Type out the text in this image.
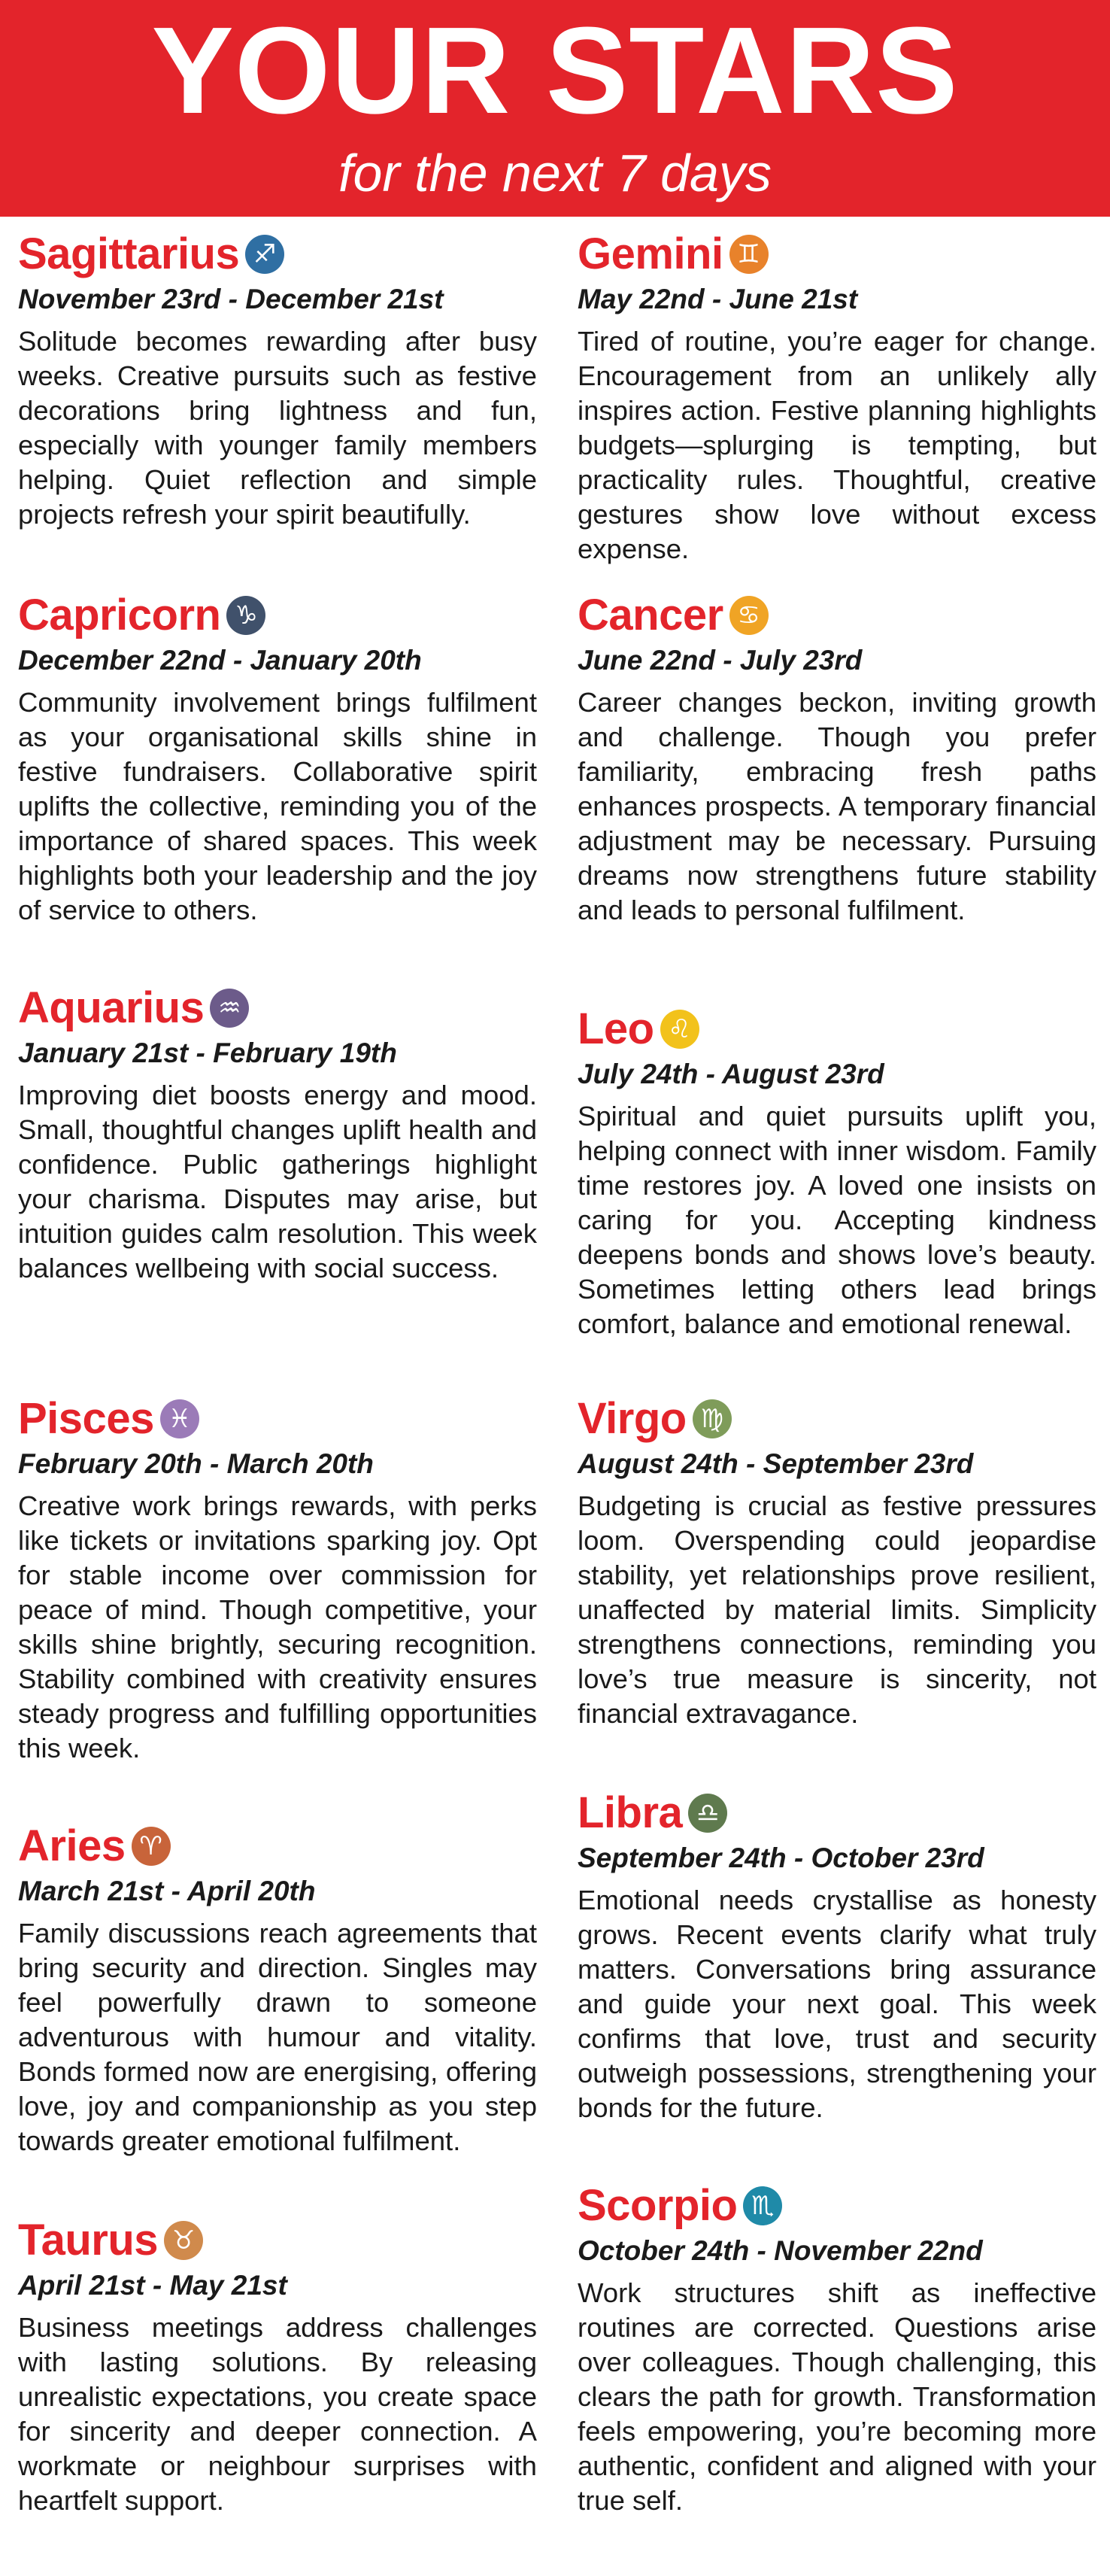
YOUR STARS
for the next 7 days
Sagittarius ♐
November 23rd - December 21st
Solitude becomes rewarding after busy weeks. Creative pursuits such as festive decorations bring lightness and fun, especially with younger family members helping. Quiet reflection and simple projects refresh your spirit beautifully.
Capricorn ♑
December 22nd - January 20th
Community involvement brings fulfilment as your organisational skills shine in festive fundraisers. Collaborative spirit uplifts the collective, reminding you of the importance of shared spaces. This week highlights both your leadership and the joy of service to others.
Aquarius ♒
January 21st - February 19th
Improving diet boosts energy and mood. Small, thoughtful changes uplift health and confidence. Public gatherings highlight your charisma. Disputes may arise, but intuition guides calm resolution. This week balances wellbeing with social success.
Pisces ♓
February 20th - March 20th
Creative work brings rewards, with perks like tickets or invitations sparking joy. Opt for stable income over commission for peace of mind. Though competitive, your skills shine brightly, securing recognition. Stability combined with creativity ensures steady progress and fulfilling opportunities this week.
Aries ♈
March 21st - April 20th
Family discussions reach agreements that bring security and direction. Singles may feel powerfully drawn to someone adventurous with humour and vitality. Bonds formed now are energising, offering love, joy and companionship as you step towards greater emotional fulfilment.
Taurus ♉
April 21st - May 21st
Business meetings address challenges with lasting solutions. By releasing unrealistic expectations, you create space for sincerity and deeper connection. A workmate or neighbour surprises with heartfelt support.
Gemini ♊
May 22nd - June 21st
Tired of routine, you’re eager for change. Encouragement from an unlikely ally inspires action. Festive planning highlights budgets—splurging is tempting, but practicality rules. Thoughtful, creative gestures show love without excess expense.
Cancer ♋
June 22nd - July 23rd
Career changes beckon, inviting growth and challenge. Though you prefer familiarity, embracing fresh paths enhances prospects. A temporary financial adjustment may be necessary. Pursuing dreams now strengthens future stability and leads to personal fulfilment.
Leo ♌
July 24th - August 23rd
Spiritual and quiet pursuits uplift you, helping connect with inner wisdom. Family time restores joy. A loved one insists on caring for you. Accepting kindness deepens bonds and shows love’s beauty. Sometimes letting others lead brings comfort, balance and emotional renewal.
Virgo ♍
August 24th - September 23rd
Budgeting is crucial as festive pressures loom. Overspending could jeopardise stability, yet relationships prove resilient, unaffected by material limits. Simplicity strengthens connections, reminding you love’s true measure is sincerity, not financial extravagance.
Libra ♎
September 24th - October 23rd
Emotional needs crystallise as honesty grows. Recent events clarify what truly matters. Conversations bring assurance and guide your next goal. This week confirms that love, trust and security outweigh possessions, strengthening your bonds for the future.
Scorpio ♏
October 24th - November 22nd
Work structures shift as ineffective routines are corrected. Questions arise over colleagues. Though challenging, this clears the path for growth. Transformation feels empowering, you’re becoming more authentic, confident and aligned with your true self.
